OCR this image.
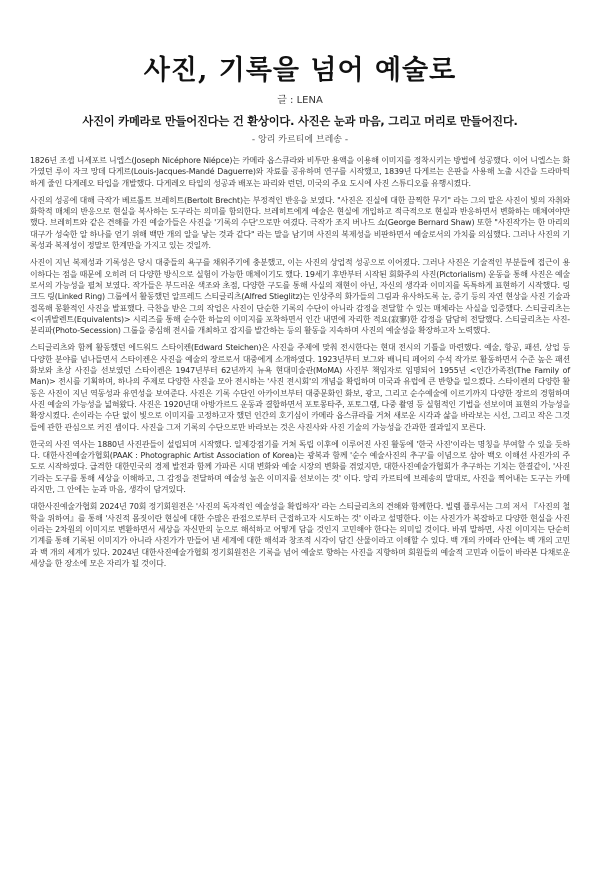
사진, 기록을 넘어 예술로
글 : LENA
사진이 카메라로 만들어진다는 건 환상이다. 사진은 눈과 마음, 그리고 머리로 만들어진다.
- 앙리 카르티에 브레송 -

1826년 조셉 니세포르 니엡스(Joseph Nicéphore Niépce)는 카메라 옵스큐라와 비투만 용액을 이용해 이미지를 정착시키는 방법에 성공했다. 이어 니엡스는 화가였던 루이 자크 망데 다게르(Louis-Jacques-Mandé Daguerre)와 자료를 공유하며 연구를 시작했고, 1839년 다게르는 은판을 사용해 노출 시간을 드라마틱하게 줄인 다게레오 타입을 개발했다. 다게레오 타입의 성공과 배포는 파리와 런던, 미국의 주요 도시에 사진 스튜디오를 유행시켰다.

사진의 성공에 대해 극작가 베르톨트 브레히트(Bertolt Brecht)는 부정적인 반응을 보였다. "사진은 진실에 대한 끔찍한 무기" 라는 그의 말은 사진이 빛의 자취와 화학적 매체의 반응으로 현실을 복사하는 도구라는 의미를 함의한다. 브레히트에게 예술은 현실에 개입하고 적극적으로 현실과 반응하면서 변화하는 매체여야만 했다. 브레히트와 같은 견해를 가진 예술가들은 사진을 '기록의 수단'으로만 여겼다. 극작가 조지 버나드 쇼(George Bernard Shaw) 또한 "사진작가는 한 마리의 대구가 성숙한 알 하나를 얻기 위해 백만 개의 알을 낳는 것과 같다" 라는 말을 남기며 사진의 복제성을 비판하면서 예술로서의 가치를 의심했다. 그러나 사진의 기록성과 복제성이 정말로 한계만을 가지고 있는 것일까.

사진이 지닌 복제성과 기록성은 당시 대중들의 욕구를 채워주기에 충분했고, 이는 사진의 상업적 성공으로 이어졌다. 그러나 사진은 기술적인 부분들에 접근이 용이하다는 점을 때문에 오히려 더 다양한 방식으로 실험이 가능한 매체이기도 했다. 19세기 후반부터 시작된 회화주의 사진(Pictorialism) 운동을 통해 사진은 예술로서의 가능성을 펼쳐 보였다. 작가들은 부드러운 색조와 초점, 다양한 구도를 통해 사실의 재현이 아닌, 자신의 생각과 이미지를 독특하게 표현하기 시작했다. 링크드 링(Linked Ring) 그룹에서 활동했던 알프레드 스티글리츠(Alfred Stieglitz)는 인상주의 화가들의 그림과 유사하도록 눈, 증기 등의 자연 현상을 사진 기술과 접목해 몽환적인 사진을 발표했다. 극찬을 받은 그의 작업은 사진이 단순한 기록의 수단이 아니라 감정을 전달할 수 있는 매체라는 사실을 입증했다. 스티글리츠는 <이퀴발렌트(Equivalents)> 시리즈를 통해 순수한 하늘의 이미지를 포착하면서 인간 내면에 자리한 적요(寂寥)한 감정을 담담히 전달했다. 스티글리츠는 사진-분리파(Photo-Secession) 그룹을 중심해 전시를 개최하고 잡지를 발간하는 등의 활동을 지속하며 사진의 예술성을 확장하고자 노력했다.

스티글리츠와 함께 활동했던 에드워드 스타이켄(Edward Steichen)은 사진을 주제에 맞춰 전시한다는 현대 전시의 기틀을 마련했다. 예술, 항공, 패션, 상업 등 다양한 분야를 넘나들면서 스타이켄은 사진을 예술의 장르로서 대중에게 소개하였다. 1923년부터 보그와 배니티 페어의 수석 작가로 활동하면서 수준 높은 패션 화보와 초상 사진을 선보였던 스타이켄은 1947년부터 62년까지 뉴욕 현대미술관(MoMA) 사진부 책임자로 임명되어 1955년 <인간가족전(The Family of Man)> 전시를 기획하며, 하나의 주제로 다양한 사진을 모아 전시하는 '사진 전시회'의 개념을 확립하며 미국과 유럽에 큰 반향을 일으켰다. 스타이켄의 다양한 활동은 사진이 지닌 역동성과 유연성을 보여준다. 사진은 기록 수단인 아카이브부터 대중문화인 화보, 광고, 그리고 순수예술에 이르기까지 다양한 장르의 경험하며 사진 예술의 가능성을 넓혀왔다. 사진은 1920년대 아방가르드 운동과 결합하면서 포토몽타주, 포토그램, 다중 촬영 등 실험적인 기법을 선보이며 표현의 가능성을 확장시켰다. 손이라는 수단 없이 빛으로 이미지를 고정하고자 했던 인간의 호기심이 카메라 옵스큐라를 거쳐 새로운 시각과 삶을 바라보는 시선, 그리고 작은 그것들에 관한 관심으로 커진 셈이다. 사진을 그저 기록의 수단으로만 바라보는 것은 사진사와 사진 기술의 가능성을 간과한 결과일지 모른다.

한국의 사진 역사는 1880년 사진관들이 설립되며 시작했다. 일제강점기를 거쳐 독립 이후에 이루어진 사진 활동에 '한국 사진'이라는 명칭을 부여할 수 있을 듯하다. 대한사진예술가협회(PAAK : Photographic Artist Association of Korea)는 광복과 함께 '순수 예술사진의 추구'를 이념으로 삼아 백오 이해선 사진가의 주도로 시작하였다. 급격한 대한민국의 경제 발전과 함께 가파른 시대 변화와 예술 시장의 변화를 겪었지만, 대한사진예술가협회가 추구하는 기치는 한결같이, '사진기라는 도구를 통해 세상을 이해하고, 그 감정을 전달하며 예술성 높은 이미지를 선보이는 것' 이다. 앙리 카르티에 브레송의 말대로, 사진을 찍어내는 도구는 카메라지만, 그 안에는 눈과 마음, 생각이 담겨있다.

대한사진예술가협회 2024년 70회 정기회원전은 '사진의 독자적인 예술성을 확립하자' 라는 스티글리츠의 견해와 함께한다. 빌렘 플루서는 그의 저서 『사진의 철학을 위하여』를 통해 '사진적 몸짓이란 현실에 대한 수많은 관점으로부터 근접하고자 시도하는 것' 이라고 설명한다. 이는 사진가가 복잡하고 다양한 현실을 사진이라는 2차원의 이미지로 변환하면서 세상을 자신만의 눈으로 해석하고 어떻게 담을 것인지 고민해야 한다는 의미일 것이다. 바꿔 말하면, 사진 이미지는 단순히 기계를 통해 기록된 이미지가 아니라 사진가가 만들어 낸 세계에 대한 해석과 창조적 시각이 담긴 산물이라고 이해할 수 있다. 백 개의 카메라 안에는 백 개의 고민과 백 개의 세계가 있다. 2024년 대한사진예술가협회 정기회원전은 기록을 넘어 예술로 향하는 사진을 지향하며 회원들의 예술적 고민과 이들이 바라본 다채로운 세상을 한 장소에 모은 자리가 될 것이다.
